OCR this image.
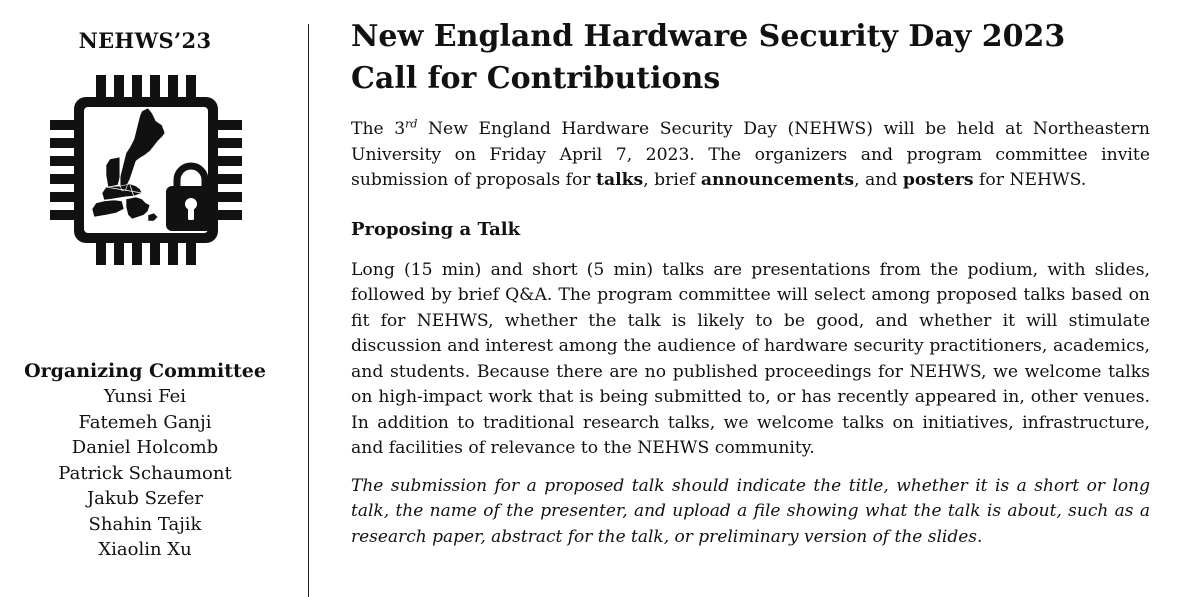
NEHWS’23
Organizing Committee
Yunsi Fei
Fatemeh Ganji
Daniel Holcomb
Patrick Schaumont
Jakub Szefer
Shahin Tajik
Xiaolin Xu
New England Hardware Security Day 2023
Call for Contributions

The 3rd New England Hardware Security Day (NEHWS) will be held at Northeastern University on Friday April 7, 2023. The organizers and program committee invite submission of proposals for talks, brief announcements, and posters for NEHWS.

Proposing a Talk

Long (15 min) and short (5 min) talks are presentations from the podium, with slides, followed by brief Q&A. The program committee will select among proposed talks based on fit for NEHWS, whether the talk is likely to be good, and whether it will stimulate discussion and interest among the audience of hardware security practitioners, academics, and students. Because there are no published proceedings for NEHWS, we welcome talks on high-impact work that is being submitted to, or has recently appeared in, other venues. In addition to traditional research talks, we welcome talks on initiatives, infrastructure, and facilities of relevance to the NEHWS community.

The submission for a proposed talk should indicate the title, whether it is a short or long talk, the name of the presenter, and upload a file showing what the talk is about, such as a research paper, abstract for the talk, or preliminary version of the slides.
